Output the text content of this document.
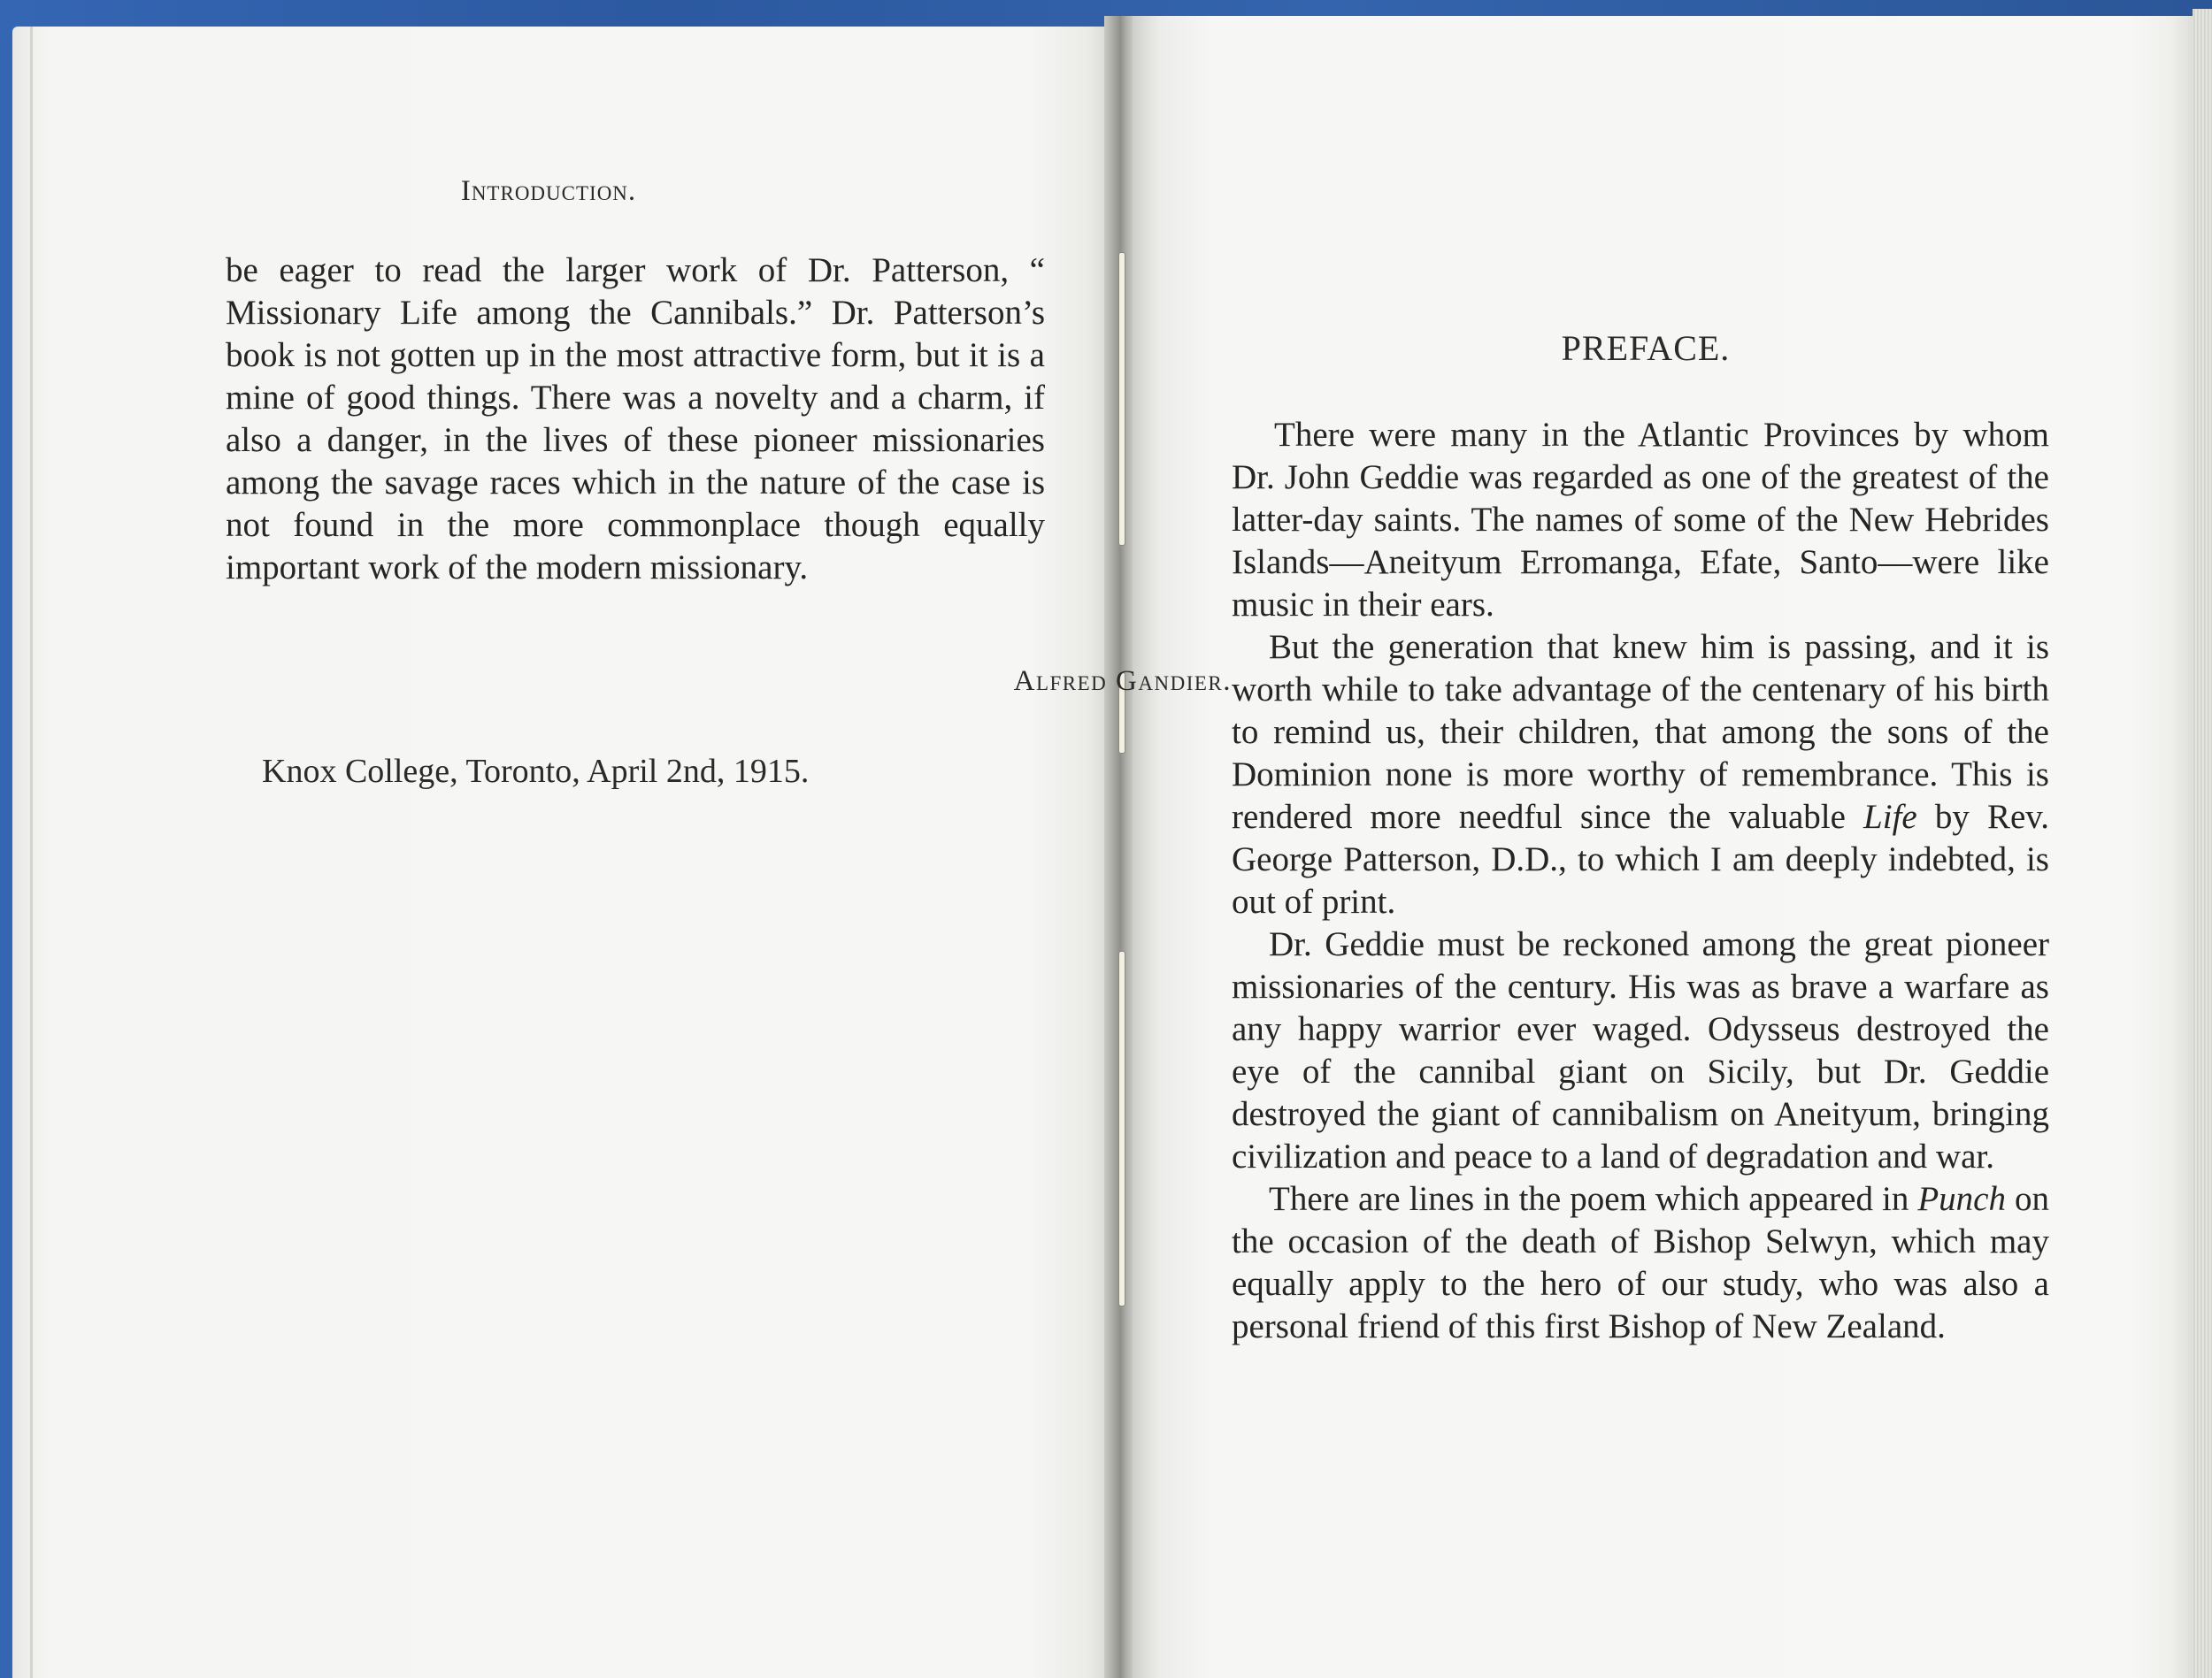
Introduction.

be eager to read the larger work of Dr. Patterson, “ Missionary Life among the Cannibals.” Dr. Patterson’s book is not gotten up in the most attractive form, but it is a mine of good things. There was a novelty and a charm, if also a danger, in the lives of these pioneer missionaries among the savage races which in the nature of the case is not found in the more commonplace though equally important work of the modern missionary.

Alfred Gandier.
Knox College, Toronto, April 2nd, 1915.
PREFACE.

There were many in the Atlantic Provinces by whom Dr. John Geddie was regarded as one of the greatest of the latter-day saints. The names of some of the New Hebrides Islands—Aneityum Erromanga, Efate, Santo—were like music in their ears.

But the generation that knew him is passing, and it is worth while to take advantage of the centenary of his birth to remind us, their children, that among the sons of the Dominion none is more worthy of remembrance. This is rendered more needful since the valuable Life by Rev. George Patterson, D.D., to which I am deeply indebted, is out of print.

Dr. Geddie must be reckoned among the great pioneer missionaries of the century. His was as brave a warfare as any happy warrior ever waged. Odysseus destroyed the eye of the cannibal giant on Sicily, but Dr. Geddie destroyed the giant of cannibalism on Aneityum, bringing civilization and peace to a land of degradation and war.

There are lines in the poem which appeared in Punch on the occasion of the death of Bishop Selwyn, which may equally apply to the hero of our study, who was also a personal friend of this first Bishop of New Zealand.
